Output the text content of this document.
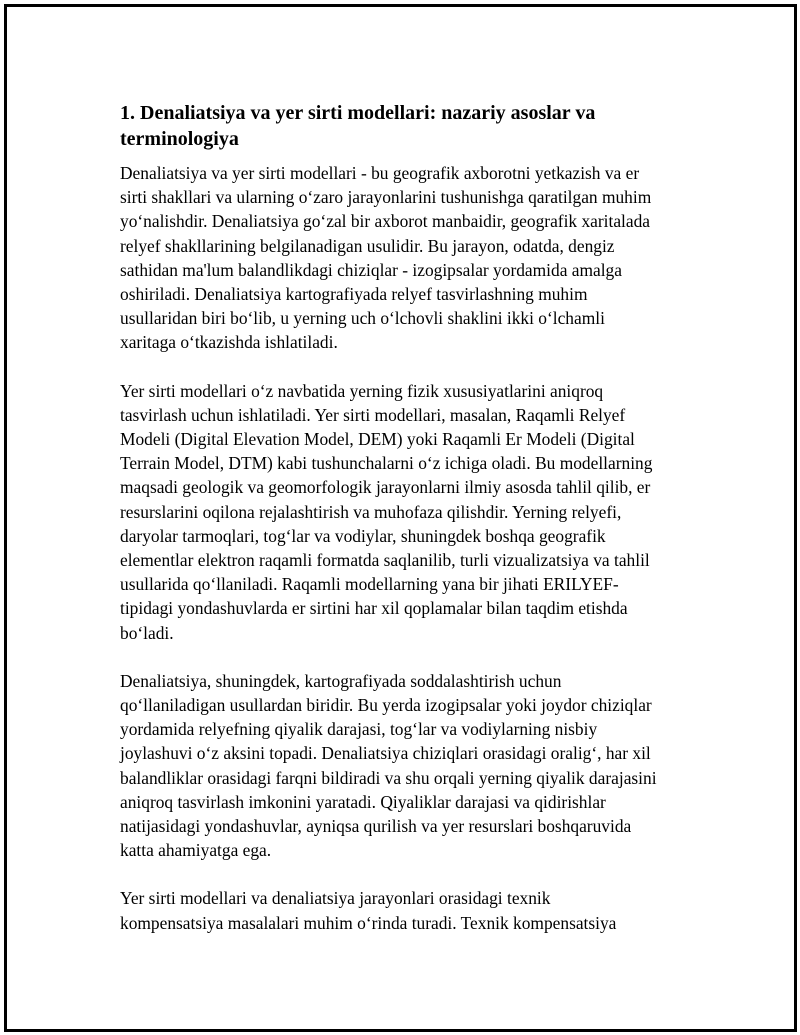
1. Denaliatsiya va yer sirti modellari: nazariy asoslar va
terminologiya

Denaliatsiya va yer sirti modellari - bu geografik axborotni yetkazish va er
sirti shakllari va ularning o‘zaro jarayonlarini tushunishga qaratilgan muhim
yo‘nalishdir. Denaliatsiya go‘zal bir axborot manbaidir, geografik xaritalada
relyef shakllarining belgilanadigan usulidir. Bu jarayon, odatda, dengiz
sathidan ma'lum balandlikdagi chiziqlar - izogipsalar yordamida amalga
oshiriladi. Denaliatsiya kartografiyada relyef tasvirlashning muhim
usullaridan biri bo‘lib, u yerning uch o‘lchovli shaklini ikki o‘lchamli
xaritaga o‘tkazishda ishlatiladi.

Yer sirti modellari o‘z navbatida yerning fizik xususiyatlarini aniqroq
tasvirlash uchun ishlatiladi. Yer sirti modellari, masalan, Raqamli Relyef
Modeli (Digital Elevation Model, DEM) yoki Raqamli Er Modeli (Digital
Terrain Model, DTM) kabi tushunchalarni o‘z ichiga oladi. Bu modellarning
maqsadi geologik va geomorfologik jarayonlarni ilmiy asosda tahlil qilib, er
resurslarini oqilona rejalashtirish va muhofaza qilishdir. Yerning relyefi,
daryolar tarmoqlari, tog‘lar va vodiylar, shuningdek boshqa geografik
elementlar elektron raqamli formatda saqlanilib, turli vizualizatsiya va tahlil
usullarida qo‘llaniladi. Raqamli modellarning yana bir jihati ERILYEF-
tipidagi yondashuvlarda er sirtini har xil qoplamalar bilan taqdim etishda
bo‘ladi.

Denaliatsiya, shuningdek, kartografiyada soddalashtirish uchun
qo‘llaniladigan usullardan biridir. Bu yerda izogipsalar yoki joydor chiziqlar
yordamida relyefning qiyalik darajasi, tog‘lar va vodiylarning nisbiy
joylashuvi o‘z aksini topadi. Denaliatsiya chiziqlari orasidagi oralig‘, har xil
balandliklar orasidagi farqni bildiradi va shu orqali yerning qiyalik darajasini
aniqroq tasvirlash imkonini yaratadi. Qiyaliklar darajasi va qidirishlar
natijasidagi yondashuvlar, ayniqsa qurilish va yer resurslari boshqaruvida
katta ahamiyatga ega.

Yer sirti modellari va denaliatsiya jarayonlari orasidagi texnik
kompensatsiya masalalari muhim o‘rinda turadi. Texnik kompensatsiya
